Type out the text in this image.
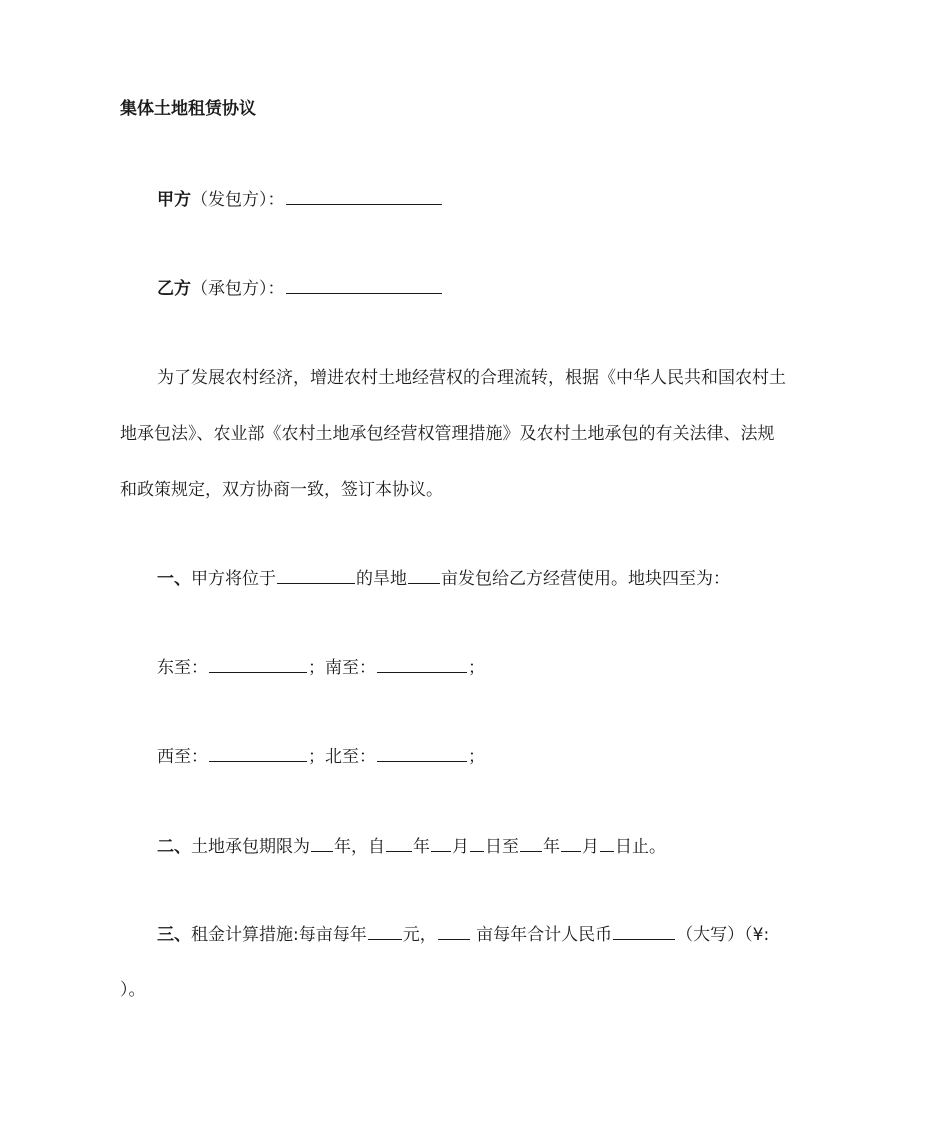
集体土地租赁协议
甲方（发包方）：
乙方（承包方）：
为了发展农村经济，增进农村土地经营权的合理流转，根据《中华人民共和国农村土
地承包法》、农业部《农村土地承包经营权管理措施》及农村土地承包的有关法律、法规
和政策规定，双方协商一致，签订本协议。
一、甲方将位于	的旱地 亩发包给乙方经营使用。地块四至为：
东至：	；南至：	；
西至：	；北至：	；
二、土地承包期限为 年，自 年 月 日至 年 月 日止。
三、租金计算措施:每亩每年 元， 亩每年合计人民币	（大写）（¥:
）。
